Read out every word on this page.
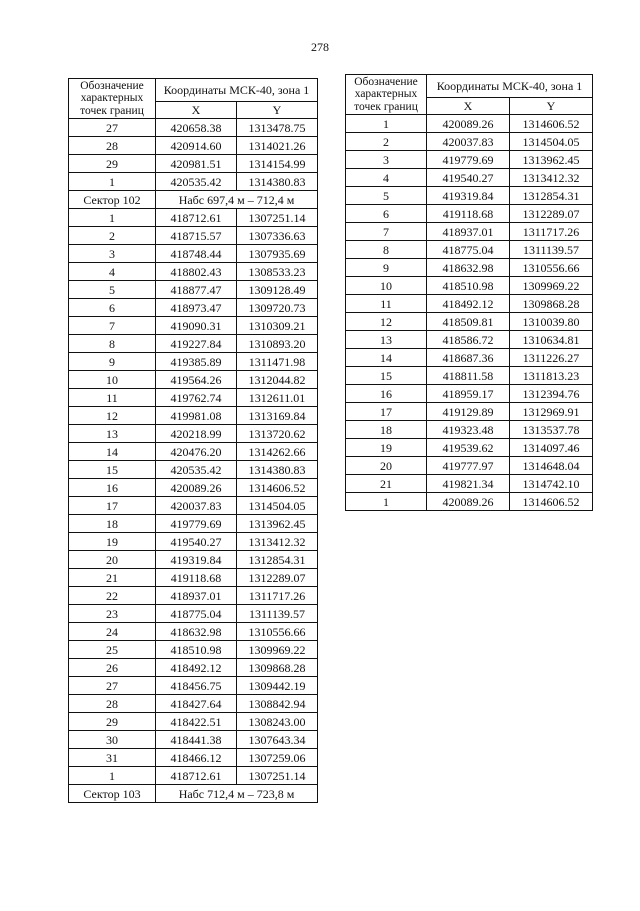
278
Обозначение характерных точек границ	Координаты МСК-40, зона 1	
	X	Y
27	420658.38	1313478.75
28	420914.60	1314021.26
29	420981.51	1314154.99
1	420535.42	1314380.83
Сектор 102	Набс 697,4 м – 712,4 м	
1	418712.61	1307251.14
2	418715.57	1307336.63
3	418748.44	1307935.69
4	418802.43	1308533.23
5	418877.47	1309128.49
6	418973.47	1309720.73
7	419090.31	1310309.21
8	419227.84	1310893.20
9	419385.89	1311471.98
10	419564.26	1312044.82
11	419762.74	1312611.01
12	419981.08	1313169.84
13	420218.99	1313720.62
14	420476.20	1314262.66
15	420535.42	1314380.83
16	420089.26	1314606.52
17	420037.83	1314504.05
18	419779.69	1313962.45
19	419540.27	1313412.32
20	419319.84	1312854.31
21	419118.68	1312289.07
22	418937.01	1311717.26
23	418775.04	1311139.57
24	418632.98	1310556.66
25	418510.98	1309969.22
26	418492.12	1309868.28
27	418456.75	1309442.19
28	418427.64	1308842.94
29	418422.51	1308243.00
30	418441.38	1307643.34
31	418466.12	1307259.06
1	418712.61	1307251.14
Сектор 103	Набс 712,4 м – 723,8 м	
Обозначение характерных точек границ	Координаты МСК-40, зона 1	
	X	Y
1	420089.26	1314606.52
2	420037.83	1314504.05
3	419779.69	1313962.45
4	419540.27	1313412.32
5	419319.84	1312854.31
6	419118.68	1312289.07
7	418937.01	1311717.26
8	418775.04	1311139.57
9	418632.98	1310556.66
10	418510.98	1309969.22
11	418492.12	1309868.28
12	418509.81	1310039.80
13	418586.72	1310634.81
14	418687.36	1311226.27
15	418811.58	1311813.23
16	418959.17	1312394.76
17	419129.89	1312969.91
18	419323.48	1313537.78
19	419539.62	1314097.46
20	419777.97	1314648.04
21	419821.34	1314742.10
1	420089.26	1314606.52
